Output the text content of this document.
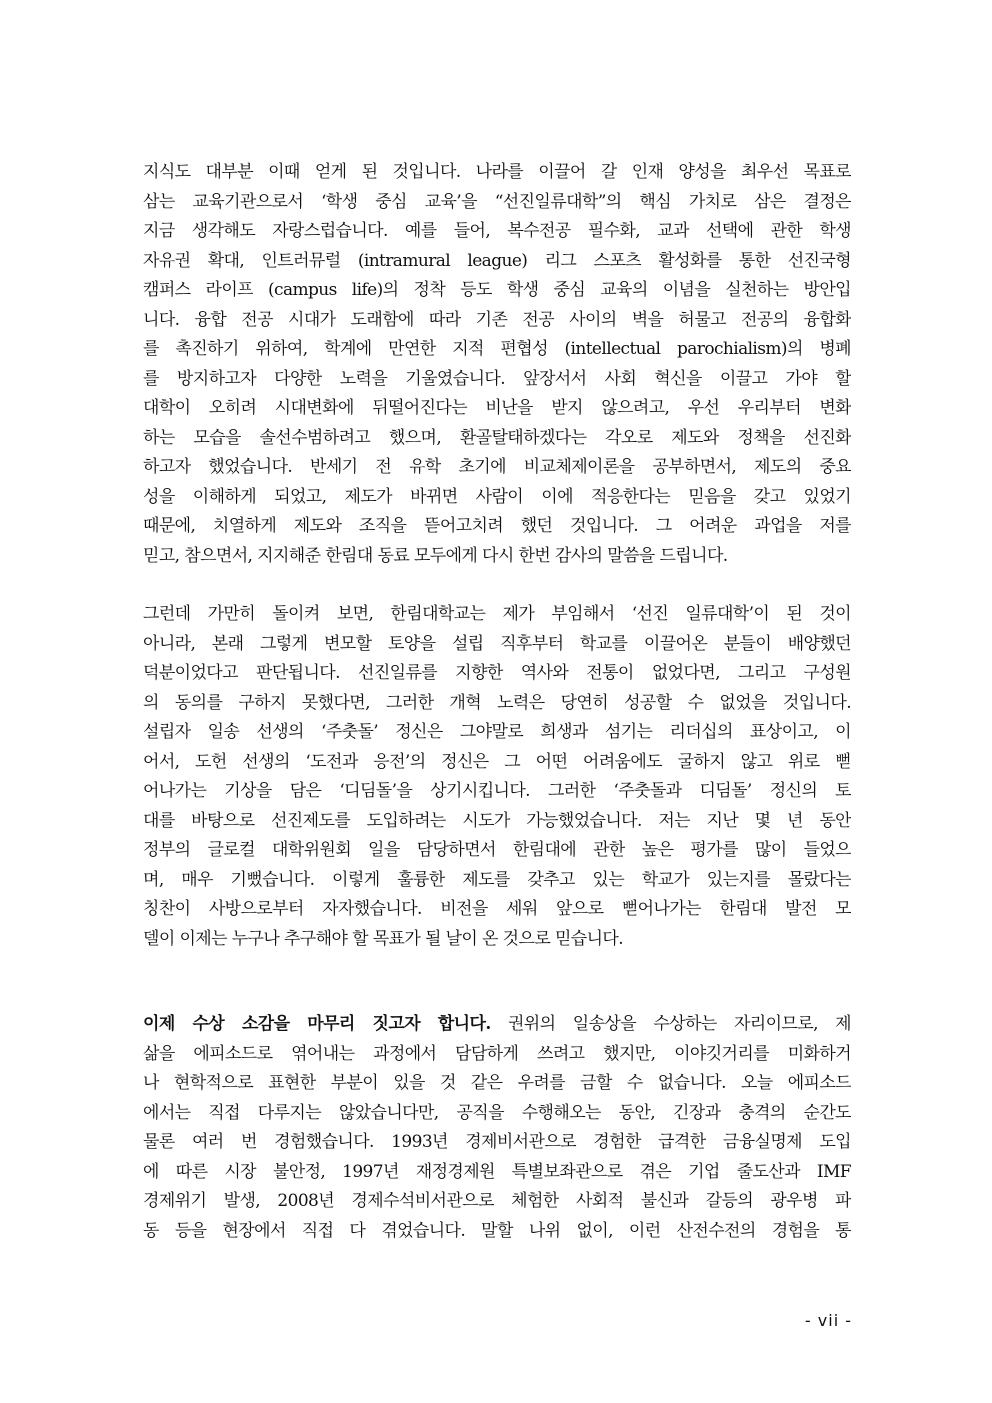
지식도 대부분 이때 얻게 된 것입니다. 나라를 이끌어 갈 인재 양성을 최우선 목표로
삼는 교육기관으로서 ‘학생 중심 교육’을 “선진일류대학”의 핵심 가치로 삼은 결정은
지금 생각해도 자랑스럽습니다. 예를 들어, 복수전공 필수화, 교과 선택에 관한 학생
자유권 확대, 인트러뮤럴 (intramural league) 리그 스포츠 활성화를 통한 선진국형
캠퍼스 라이프 (campus life)의 정착 등도 학생 중심 교육의 이념을 실천하는 방안입
니다. 융합 전공 시대가 도래함에 따라 기존 전공 사이의 벽을 허물고 전공의 융합화
를 촉진하기 위하여, 학계에 만연한 지적 편협성 (intellectual parochialism)의 병폐
를 방지하고자 다양한 노력을 기울였습니다. 앞장서서 사회 혁신을 이끌고 가야 할
대학이 오히려 시대변화에 뒤떨어진다는 비난을 받지 않으려고, 우선 우리부터 변화
하는 모습을 솔선수범하려고 했으며, 환골탈태하겠다는 각오로 제도와 정책을 선진화
하고자 했었습니다. 반세기 전 유학 초기에 비교체제이론을 공부하면서, 제도의 중요
성을 이해하게 되었고, 제도가 바뀌면 사람이 이에 적응한다는 믿음을 갖고 있었기
때문에, 치열하게 제도와 조직을 뜯어고치려 했던 것입니다. 그 어려운 과업을 저를
믿고, 참으면서, 지지해준 한림대 동료 모두에게 다시 한번 감사의 말씀을 드립니다.
그런데 가만히 돌이켜 보면, 한림대학교는 제가 부임해서 ‘선진 일류대학’이 된 것이
아니라, 본래 그렇게 변모할 토양을 설립 직후부터 학교를 이끌어온 분들이 배양했던
덕분이었다고 판단됩니다. 선진일류를 지향한 역사와 전통이 없었다면, 그리고 구성원
의 동의를 구하지 못했다면, 그러한 개혁 노력은 당연히 성공할 수 없었을 것입니다.
설립자 일송 선생의 ‘주춧돌’ 정신은 그야말로 희생과 섬기는 리더십의 표상이고, 이
어서, 도헌 선생의 ‘도전과 응전’의 정신은 그 어떤 어려움에도 굴하지 않고 위로 뻗
어나가는 기상을 담은 ‘디딤돌’을 상기시킵니다. 그러한 ‘주춧돌과 디딤돌’ 정신의 토
대를 바탕으로 선진제도를 도입하려는 시도가 가능했었습니다. 저는 지난 몇 년 동안
정부의 글로컬 대학위원회 일을 담당하면서 한림대에 관한 높은 평가를 많이 들었으
며, 매우 기뻤습니다. 이렇게 훌륭한 제도를 갖추고 있는 학교가 있는지를 몰랐다는
칭찬이 사방으로부터 자자했습니다. 비전을 세워 앞으로 뻗어나가는 한림대 발전 모
델이 이제는 누구나 추구해야 할 목표가 될 날이 온 것으로 믿습니다.
이제 수상 소감을 마무리 짓고자 합니다. 권위의 일송상을 수상하는 자리이므로, 제
삶을 에피소드로 엮어내는 과정에서 담담하게 쓰려고 했지만, 이야깃거리를 미화하거
나 현학적으로 표현한 부분이 있을 것 같은 우려를 금할 수 없습니다. 오늘 에피소드
에서는 직접 다루지는 않았습니다만, 공직을 수행해오는 동안, 긴장과 충격의 순간도
물론 여러 번 경험했습니다. 1993년 경제비서관으로 경험한 급격한 금융실명제 도입
에 따른 시장 불안정, 1997년 재정경제원 특별보좌관으로 겪은 기업 줄도산과 IMF
경제위기 발생, 2008년 경제수석비서관으로 체험한 사회적 불신과 갈등의 광우병 파
동 등을 현장에서 직접 다 겪었습니다. 말할 나위 없이, 이런 산전수전의 경험을 통
- vii -
